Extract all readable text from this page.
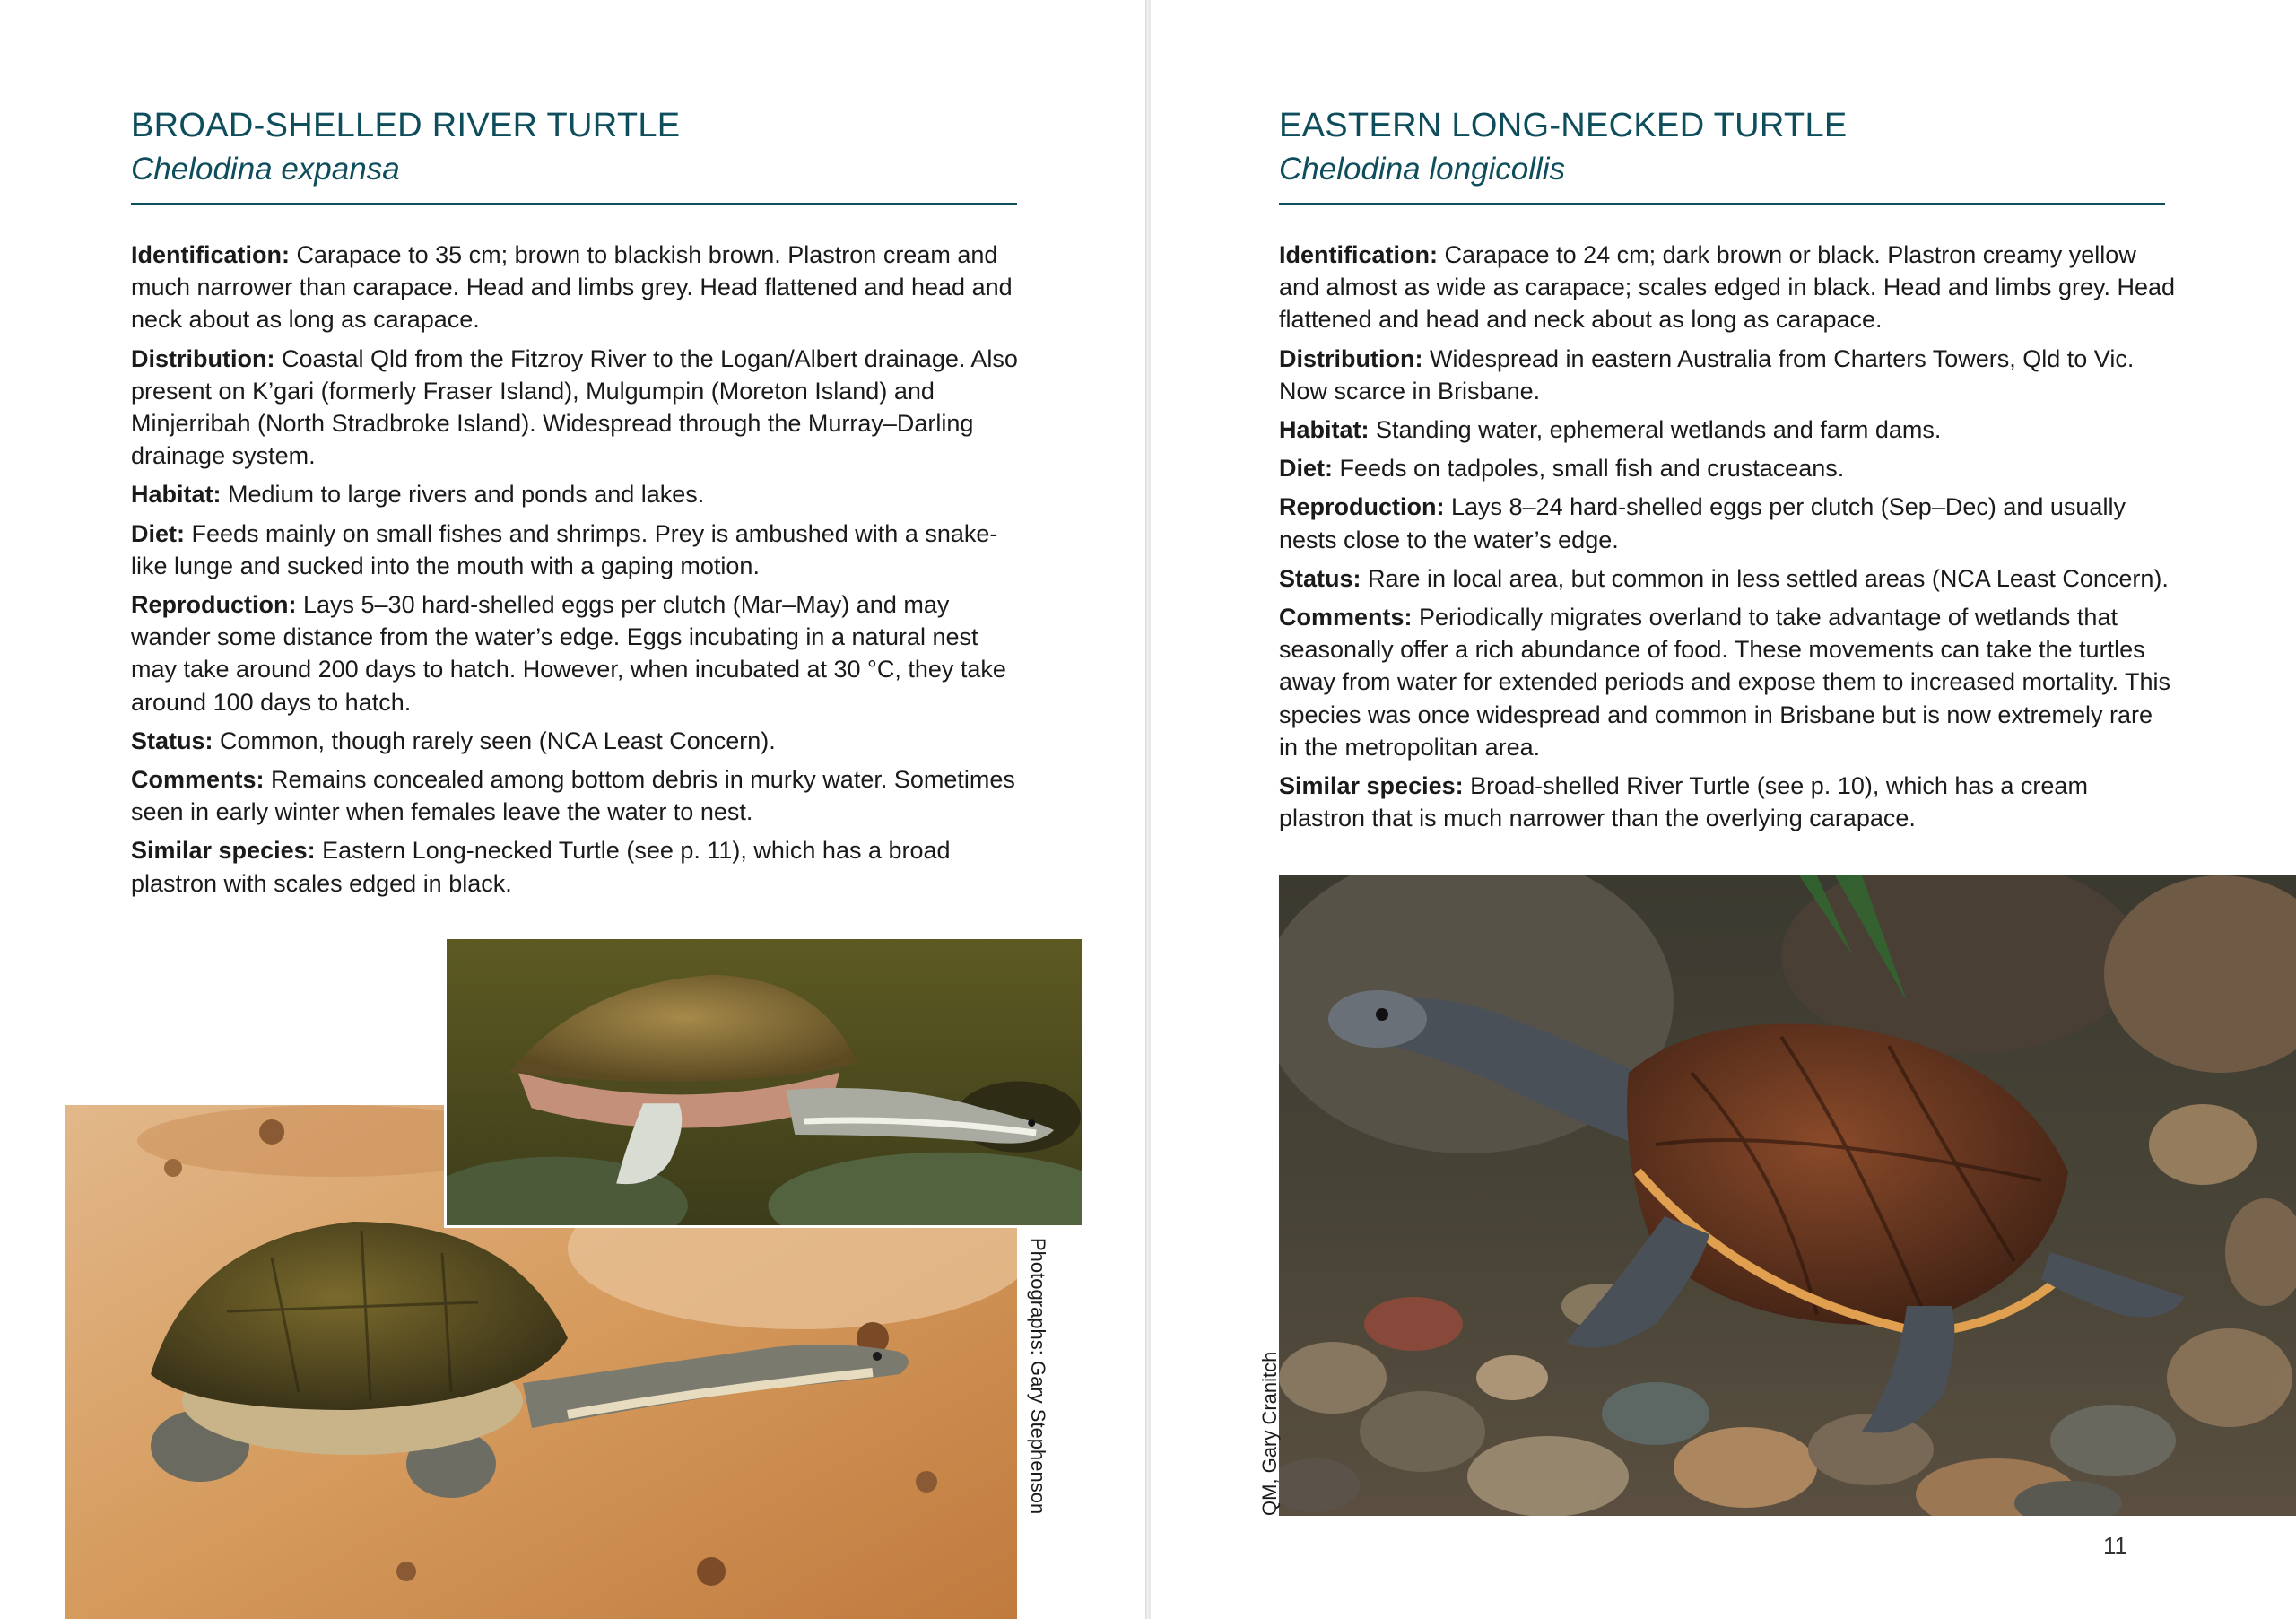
BROAD-SHELLED RIVER TURTLE

Chelodina expansa

Identification: Carapace to 35 cm; brown to blackish brown. Plastron cream and much narrower than carapace. Head and limbs grey. Head flattened and head and neck about as long as carapace.

Distribution: Coastal Qld from the Fitzroy River to the Logan/Albert drainage. Also present on K’gari (formerly Fraser Island), Mulgumpin (Moreton Island) and Minjerribah (North Stradbroke Island). Widespread through the Murray–Darling drainage system.

Habitat: Medium to large rivers and ponds and lakes.

Diet: Feeds mainly on small fishes and shrimps. Prey is ambushed with a snake-like lunge and sucked into the mouth with a gaping motion.

Reproduction: Lays 5–30 hard-shelled eggs per clutch (Mar–May) and may wander some distance from the water’s edge. Eggs incubating in a natural nest may take around 200 days to hatch. However, when incubated at 30 °C, they take around 100 days to hatch.

Status: Common, though rarely seen (NCA Least Concern).

Comments: Remains concealed among bottom debris in murky water. Sometimes seen in early winter when females leave the water to nest.

Similar species: Eastern Long-necked Turtle (see p. 11), which has a broad plastron with scales edged in black.

Photographs: Gary Stephenson
EASTERN LONG-NECKED TURTLE

Chelodina longicollis

Identification: Carapace to 24 cm; dark brown or black. Plastron creamy yellow and almost as wide as carapace; scales edged in black. Head and limbs grey. Head flattened and head and neck about as long as carapace.

Distribution: Widespread in eastern Australia from Charters Towers, Qld to Vic. Now scarce in Brisbane.

Habitat: Standing water, ephemeral wetlands and farm dams.

Diet: Feeds on tadpoles, small fish and crustaceans.

Reproduction: Lays 8–24 hard-shelled eggs per clutch (Sep–Dec) and usually nests close to the water’s edge.

Status: Rare in local area, but common in less settled areas (NCA Least Concern).

Comments: Periodically migrates overland to take advantage of wetlands that seasonally offer a rich abundance of food. These movements can take the turtles away from water for extended periods and expose them to increased mortality. This species was once widespread and common in Brisbane but is now extremely rare in the metropolitan area.

Similar species: Broad-shelled River Turtle (see p. 10), which has a cream plastron that is much narrower than the overlying carapace.

QM, Gary Cranitch
11
